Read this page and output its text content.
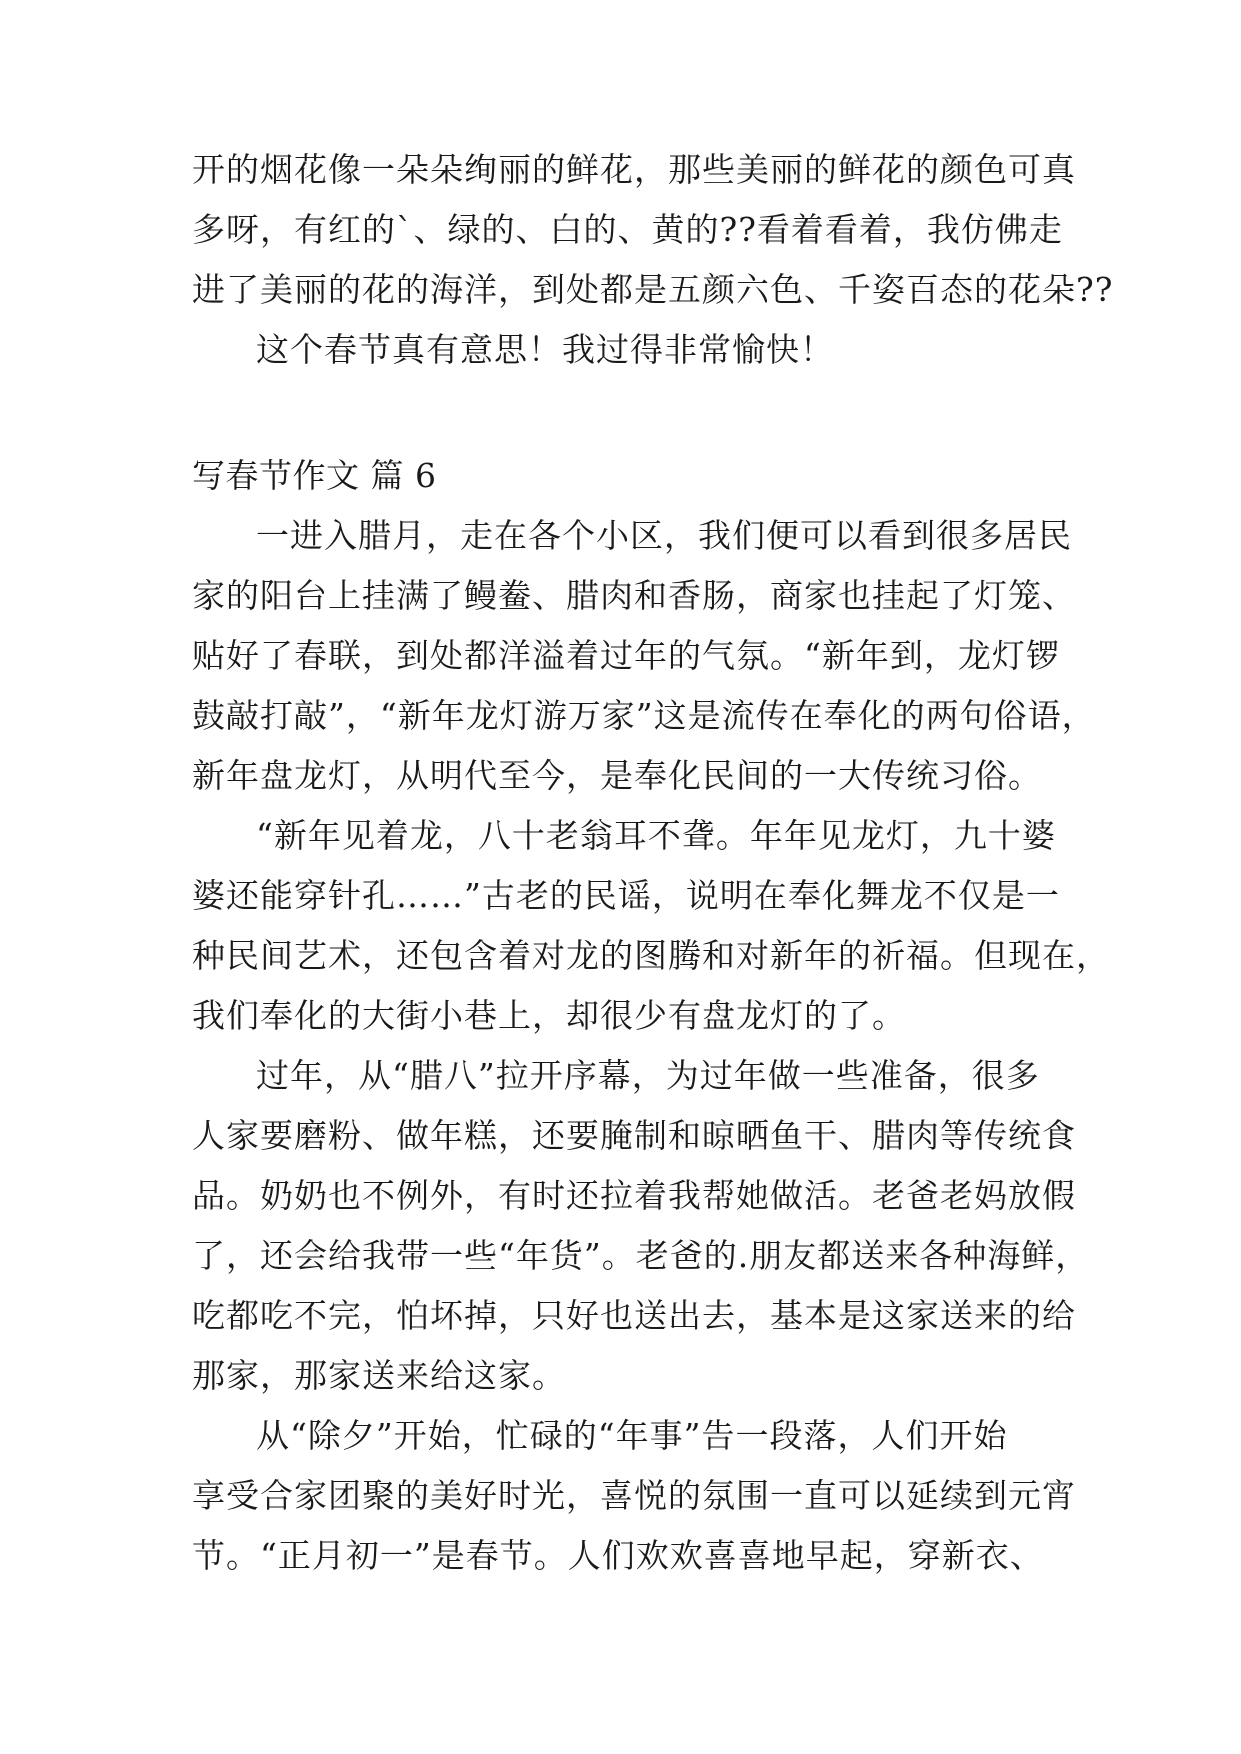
开的烟花像一朵朵绚丽的鲜花，那些美丽的鲜花的颜色可真
多呀，有红的`、绿的、白的、黄的??看着看着，我仿佛走
进了美丽的花的海洋，到处都是五颜六色、千姿百态的花朵??
这个春节真有意思！我过得非常愉快！
写春节作文 篇 6
一进入腊月，走在各个小区，我们便可以看到很多居民
家的阳台上挂满了鳗鲞、腊肉和香肠，商家也挂起了灯笼、
贴好了春联，到处都洋溢着过年的气氛。“新年到，龙灯锣
鼓敲打敲”，“新年龙灯游万家”这是流传在奉化的两句俗语，
新年盘龙灯，从明代至今，是奉化民间的一大传统习俗。
“新年见着龙，八十老翁耳不聋。年年见龙灯，九十婆
婆还能穿针孔……”古老的民谣，说明在奉化舞龙不仅是一
种民间艺术，还包含着对龙的图腾和对新年的祈福。但现在，
我们奉化的大街小巷上，却很少有盘龙灯的了。
过年，从“腊八”拉开序幕，为过年做一些准备，很多
人家要磨粉、做年糕，还要腌制和晾晒鱼干、腊肉等传统食
品。奶奶也不例外，有时还拉着我帮她做活。老爸老妈放假
了，还会给我带一些“年货”。老爸的.朋友都送来各种海鲜，
吃都吃不完，怕坏掉，只好也送出去，基本是这家送来的给
那家，那家送来给这家。
从“除夕”开始，忙碌的“年事”告一段落，人们开始
享受合家团聚的美好时光，喜悦的氛围一直可以延续到元宵
节。“正月初一”是春节。人们欢欢喜喜地早起，穿新衣、
